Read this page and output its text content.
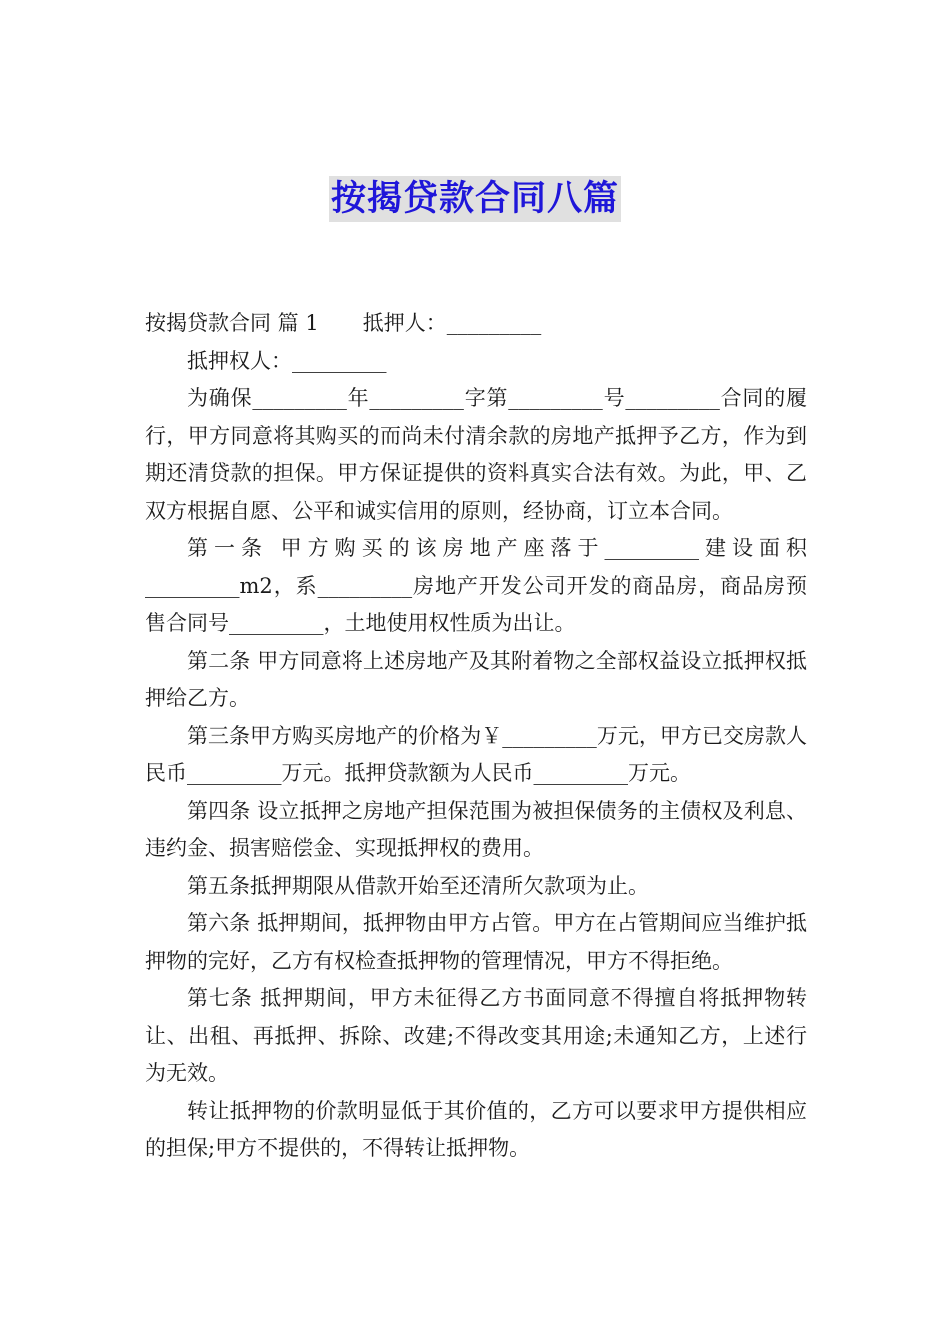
按揭贷款合同八篇

按揭贷款合同 篇 1 抵押人：_________

抵押权人：_________

为确保_________年_________字第_________号_________合同的履行，甲方同意将其购买的而尚未付清余款的房地产抵押予乙方，作为到期还清贷款的担保。甲方保证提供的资料真实合法有效。为此，甲、乙双方根据自愿、公平和诚实信用的原则，经协商，订立本合同。

第一条 甲方购买的该房地产座落于_________建设面积_________m2，系_________房地产开发公司开发的商品房，商品房预售合同号_________，土地使用权性质为出让。

第二条 甲方同意将上述房地产及其附着物之全部权益设立抵押权抵押给乙方。

第三条甲方购买房地产的价格为￥_________万元，甲方已交房款人民币_________万元。抵押贷款额为人民币_________万元。

第四条 设立抵押之房地产担保范围为被担保债务的主债权及利息、违约金、损害赔偿金、实现抵押权的费用。

第五条抵押期限从借款开始至还清所欠款项为止。

第六条 抵押期间，抵押物由甲方占管。甲方在占管期间应当维护抵押物的完好，乙方有权检查抵押物的管理情况，甲方不得拒绝。

第七条 抵押期间，甲方未征得乙方书面同意不得擅自将抵押物转让、出租、再抵押、拆除、改建;不得改变其用途;未通知乙方，上述行为无效。

转让抵押物的价款明显低于其价值的，乙方可以要求甲方提供相应的担保;甲方不提供的，不得转让抵押物。
